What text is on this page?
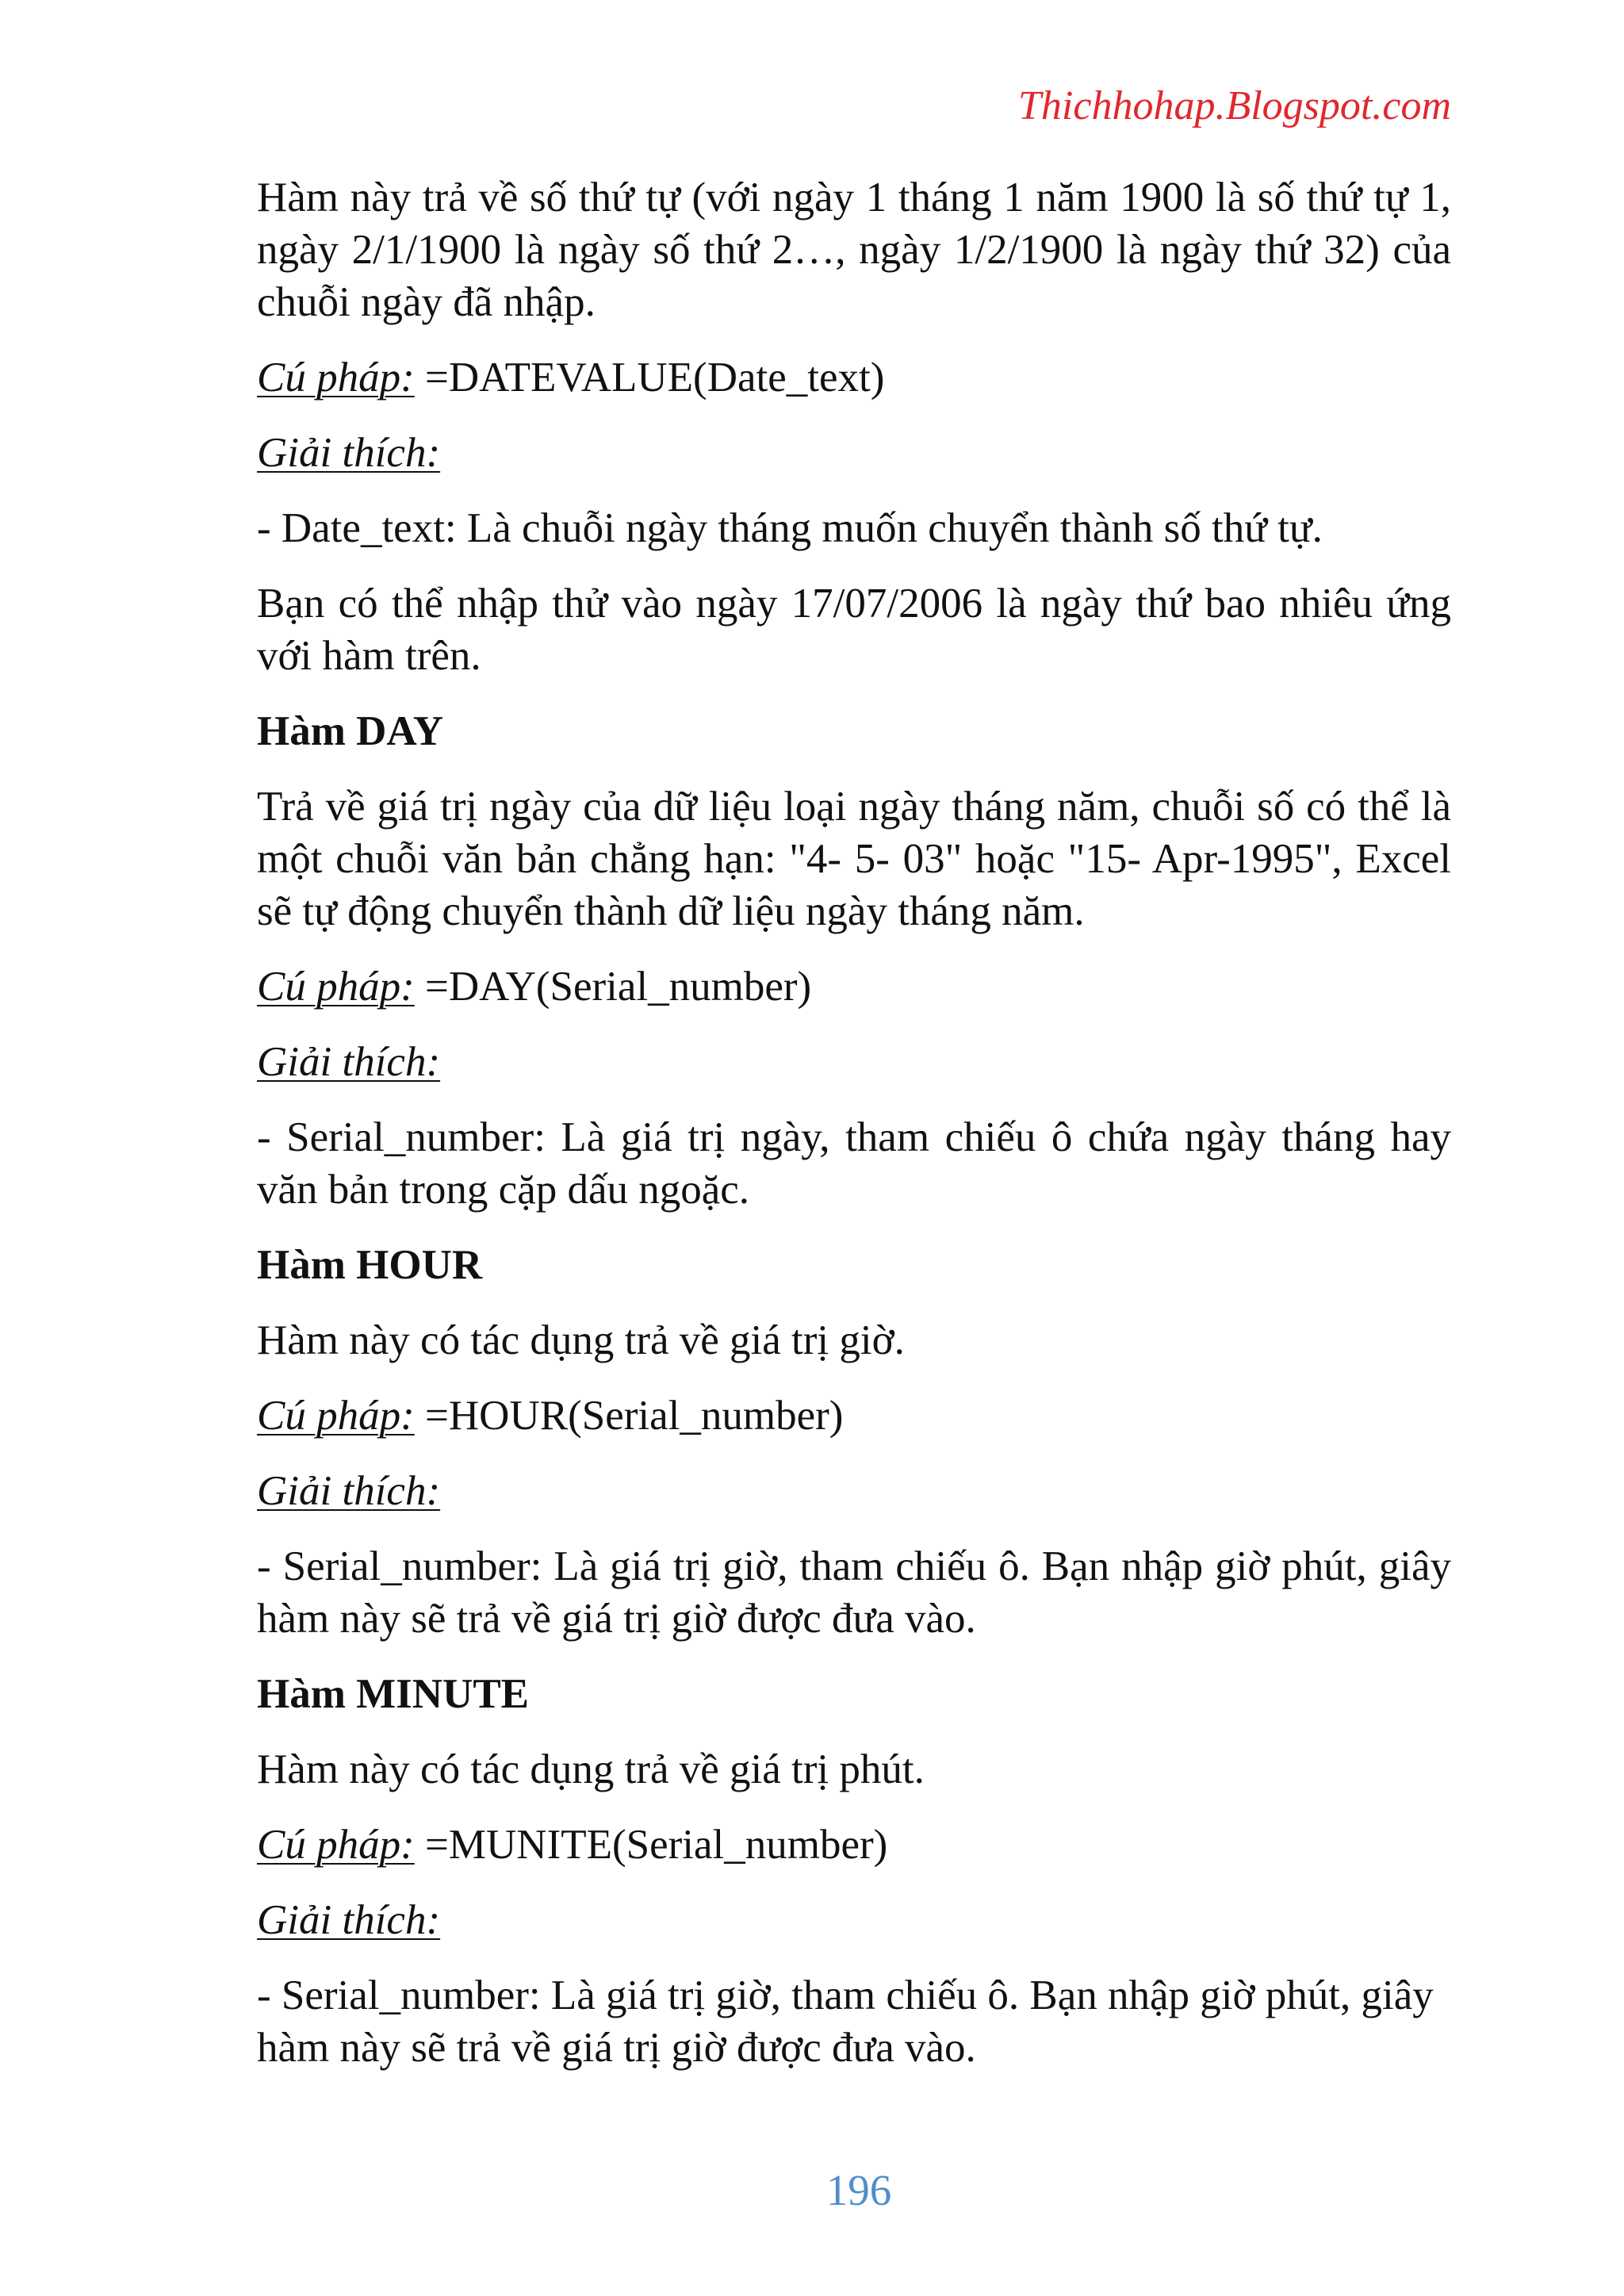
Thichhohap.Blogspot.com

Hàm này trả về số thứ tự (với ngày 1 tháng 1 năm 1900 là số thứ tự 1, ngày 2/1/1900 là ngày số thứ 2…, ngày 1/2/1900 là ngày thứ 32) của chuỗi ngày đã nhập.

Cú pháp: =DATEVALUE(Date_text)

Giải thích:

- Date_text: Là chuỗi ngày tháng muốn chuyển thành số thứ tự.

Bạn có thể nhập thử vào ngày 17/07/2006 là ngày thứ bao nhiêu ứng với hàm trên.

Hàm DAY

Trả về giá trị ngày của dữ liệu loại ngày tháng năm, chuỗi số có thể là một chuỗi văn bản chẳng hạn: "4- 5- 03" hoặc "15- Apr-1995", Excel sẽ tự động chuyển thành dữ liệu ngày tháng năm.

Cú pháp: =DAY(Serial_number)

Giải thích:

- Serial_number: Là giá trị ngày, tham chiếu ô chứa ngày tháng hay văn bản trong cặp dấu ngoặc.

Hàm HOUR

Hàm này có tác dụng trả về giá trị giờ.

Cú pháp: =HOUR(Serial_number)

Giải thích:

- Serial_number: Là giá trị giờ, tham chiếu ô. Bạn nhập giờ phút, giây hàm này sẽ trả về giá trị giờ được đưa vào.

Hàm MINUTE

Hàm này có tác dụng trả về giá trị phút.

Cú pháp: =MUNITE(Serial_number)

Giải thích:

- Serial_number: Là giá trị giờ, tham chiếu ô. Bạn nhập giờ phút, giây hàm này sẽ trả về giá trị giờ được đưa vào.

196
